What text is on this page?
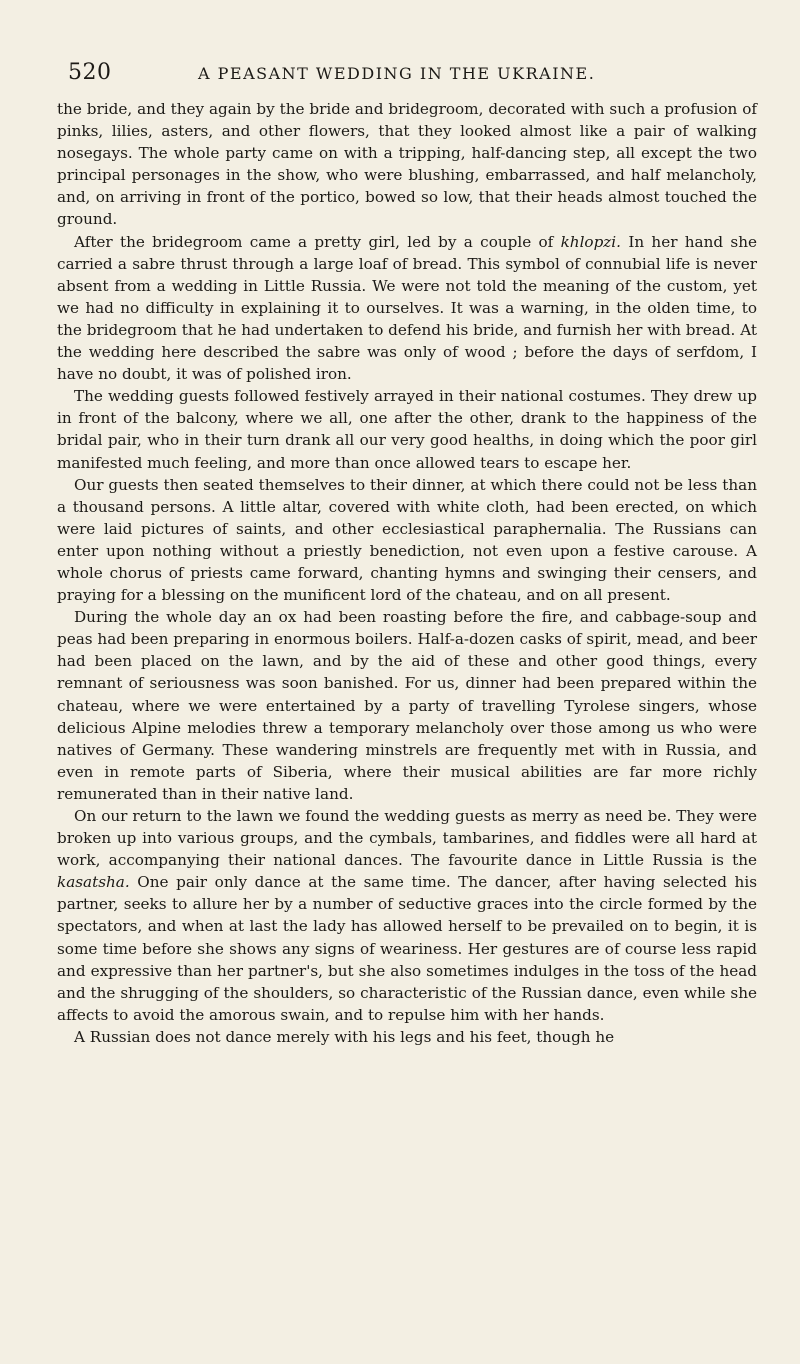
520	A PEASANT WEDDING IN THE UKRAINE.

the bride, and they again by the bride and bridegroom, decorated with such a profusion of pinks, lilies, asters, and other flowers, that they looked almost like a pair of walking nosegays. The whole party came on with a tripping, half-dancing step, all except the two principal personages in the show, who were blushing, embarrassed, and half melancholy, and, on arriving in front of the portico, bowed so low, that their heads almost touched the ground.

After the bridegroom came a pretty girl, led by a couple of khlopzi. In her hand she carried a sabre thrust through a large loaf of bread. This symbol of connubial life is never absent from a wedding in Little Russia. We were not told the meaning of the custom, yet we had no difficulty in explaining it to ourselves. It was a warning, in the olden time, to the bridegroom that he had undertaken to defend his bride, and furnish her with bread. At the wedding here described the sabre was only of wood ; before the days of serfdom, I have no doubt, it was of polished iron.

The wedding guests followed festively arrayed in their national costumes. They drew up in front of the balcony, where we all, one after the other, drank to the happiness of the bridal pair, who in their turn drank all our very good healths, in doing which the poor girl manifested much feeling, and more than once allowed tears to escape her.

Our guests then seated themselves to their dinner, at which there could not be less than a thousand persons. A little altar, covered with white cloth, had been erected, on which were laid pictures of saints, and other ecclesiastical paraphernalia. The Russians can enter upon nothing without a priestly benediction, not even upon a festive carouse. A whole chorus of priests came forward, chanting hymns and swinging their censers, and praying for a blessing on the munificent lord of the chateau, and on all present.

During the whole day an ox had been roasting before the fire, and cabbage-soup and peas had been preparing in enormous boilers. Half-a-dozen casks of spirit, mead, and beer had been placed on the lawn, and by the aid of these and other good things, every remnant of seriousness was soon banished. For us, dinner had been prepared within the chateau, where we were entertained by a party of travelling Tyrolese singers, whose delicious Alpine melodies threw a temporary melancholy over those among us who were natives of Germany. These wandering minstrels are frequently met with in Russia, and even in remote parts of Siberia, where their musical abilities are far more richly remunerated than in their native land.

On our return to the lawn we found the wedding guests as merry as need be. They were broken up into various groups, and the cymbals, tambarines, and fiddles were all hard at work, accompanying their national dances. The favourite dance in Little Russia is the kasatsha. One pair only dance at the same time. The dancer, after having selected his partner, seeks to allure her by a number of seductive graces into the circle formed by the spectators, and when at last the lady has allowed herself to be prevailed on to begin, it is some time before she shows any signs of weariness. Her gestures are of course less rapid and expressive than her partner's, but she also sometimes indulges in the toss of the head and the shrugging of the shoulders, so characteristic of the Russian dance, even while she affects to avoid the amorous swain, and to repulse him with her hands.

A Russian does not dance merely with his legs and his feet, though he
